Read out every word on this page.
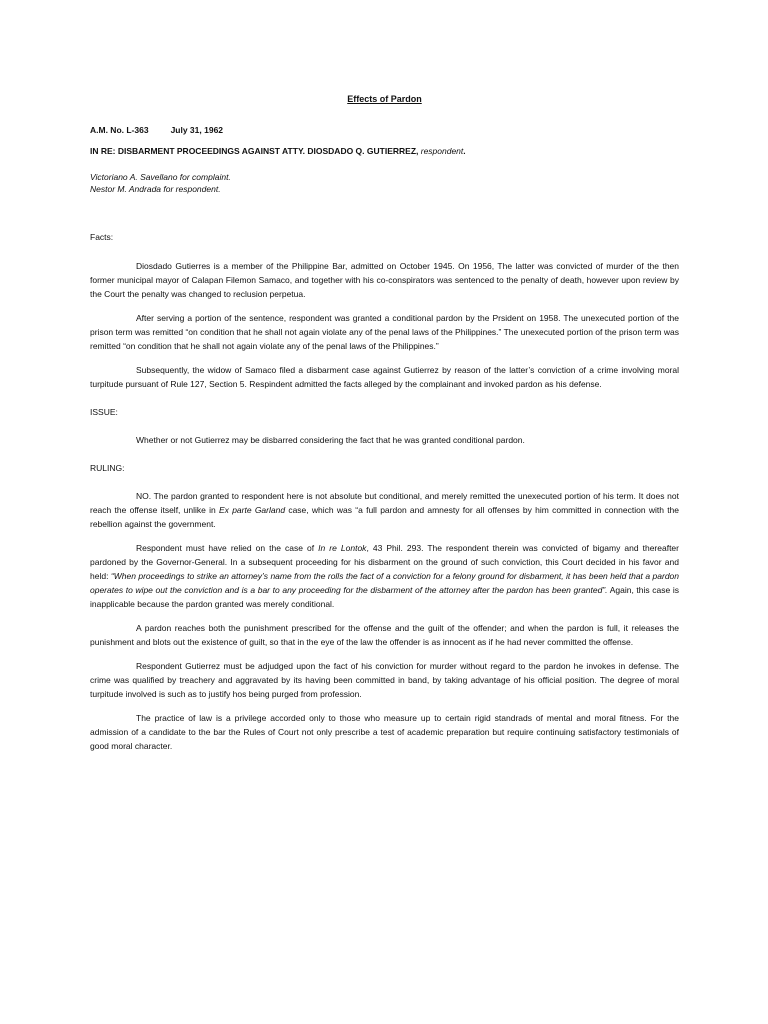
Effects of Pardon

A.M. No. L-363	July 31, 1962

IN RE: DISBARMENT PROCEEDINGS AGAINST ATTY. DIOSDADO Q. GUTIERREZ, respondent.

Victoriano A. Savellano for complaint.

Nestor M. Andrada for respondent.

Facts:

Diosdado Gutierres is a member of the Philippine Bar, admitted on October 1945. On 1956, The latter was convicted of murder of the then former municipal mayor of Calapan Filemon Samaco, and together with his co-conspirators was sentenced to the penalty of death, however upon review by the Court the penalty was changed to reclusion perpetua.

After serving a portion of the sentence, respondent was granted a conditional pardon by the Prsident on 1958. The unexecuted portion of the prison term was remitted “on condition that he shall not again violate any of the penal laws of the Philippines.” The unexecuted portion of the prison term was remitted “on condition that he shall not again violate any of the penal laws of the Philippines.”

Subsequently, the widow of Samaco filed a disbarment case against Gutierrez by reason of the latter’s conviction of a crime involving moral turpitude pursuant of Rule 127, Section 5. Respindent admitted the facts alleged by the complainant and invoked pardon as his defense.

ISSUE:

Whether or not Gutierrez may be disbarred considering the fact that he was granted conditional pardon.

RULING:

NO. The pardon granted to respondent here is not absolute but conditional, and merely remitted the unexecuted portion of his term. It does not reach the offense itself, unlike in Ex parte Garland case, which was “a full pardon and amnesty for all offenses by him committed in connection with the rebellion against the government.

Respondent must have relied on the case of In re Lontok, 43 Phil. 293. The respondent therein was convicted of bigamy and thereafter pardoned by the Governor-General. In a subsequent proceeding for his disbarment on the ground of such conviction, this Court decided in his favor and held: “When proceedings to strike an attorney’s name from the rolls the fact of a conviction for a felony ground for disbarment, it has been held that a pardon operates to wipe out the conviction and is a bar to any proceeding for the disbarment of the attorney after the pardon has been granted”. Again, this case is inapplicable because the pardon granted was merely conditional.

A pardon reaches both the punishment prescribed for the offense and the guilt of the offender; and when the pardon is full, it releases the punishment and blots out the existence of guilt, so that in the eye of the law the offender is as innocent as if he had never committed the offense.

Respondent Gutierrez must be adjudged upon the fact of his conviction for murder without regard to the pardon he invokes in defense. The crime was qualified by treachery and aggravated by its having been committed in band, by taking advantage of his official position. The degree of moral turpitude involved is such as to justify hos being purged from profession.

The practice of law is a privilege accorded only to those who measure up to certain rigid standrads of mental and moral fitness. For the admission of a candidate to the bar the Rules of Court not only prescribe a test of academic preparation but require continuing satisfactory testimonials of good moral character.
